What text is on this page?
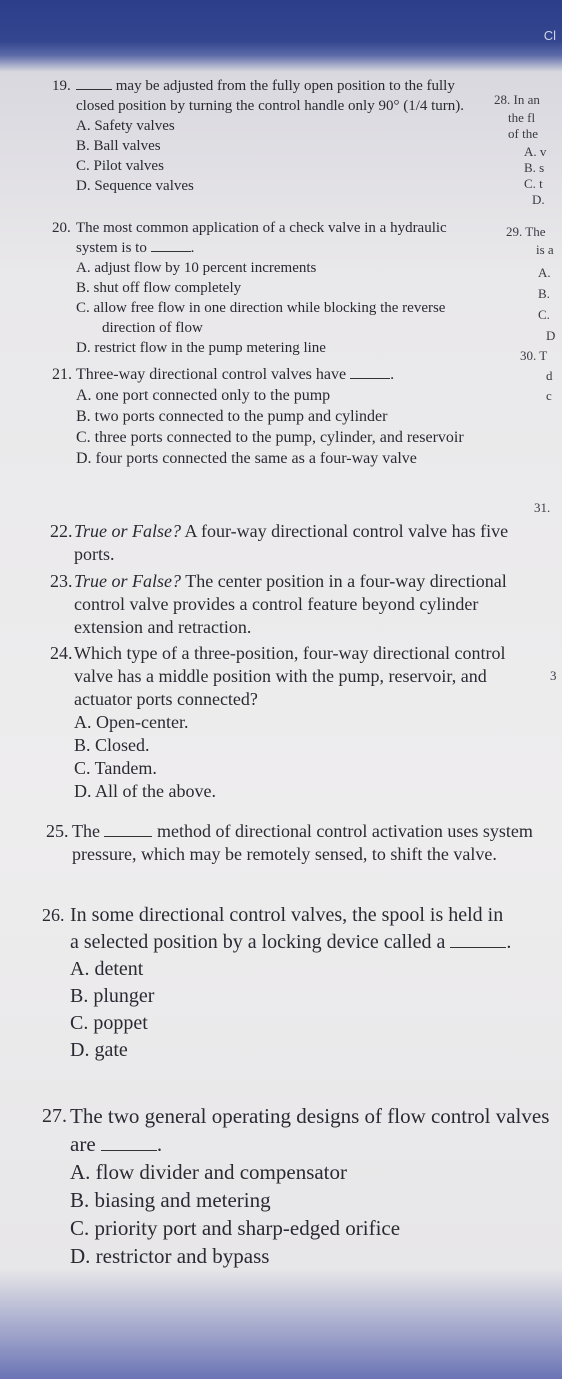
Cl
19.	may be adjusted from the fully open position to the fully closed position by turning the control handle only 90° (1/4 turn).
A. Safety valves
B. Ball valves
C. Pilot valves
D. Sequence valves
20. The most common application of a check valve in a hydraulic system is to	.
A. adjust flow by 10 percent increments
B. shut off flow completely
C. allow free flow in one direction while blocking the reverse direction of flow
D. restrict flow in the pump metering line
21. Three-way directional control valves have	.
A. one port connected only to the pump
B. two ports connected to the pump and cylinder
C. three ports connected to the pump, cylinder, and reservoir
D. four ports connected the same as a four-way valve
22. True or False? A four-way directional control valve has five ports.
23. True or False? The center position in a four-way directional control valve provides a control feature beyond cylinder extension and retraction.
24. Which type of a three-position, four-way directional control valve has a middle position with the pump, reservoir, and actuator ports connected?
A. Open-center.
B. Closed.
C. Tandem.
D. All of the above.
25. The	method of directional control activation uses system pressure, which may be remotely sensed, to shift the valve.
26. In some directional control valves, the spool is held in a selected position by a locking device called a	.
A. detent
B. plunger
C. poppet
D. gate
27. The two general operating designs of flow control valves are	.
A. flow divider and compensator
B. biasing and metering
C. priority port and sharp-edged orifice
D. restrictor and bypass
28. In an
the fl
of the
A. v
B. s
C. t
D.
29. The
is a
A.
B.
C.
D
30. T
d
c
31.
3
